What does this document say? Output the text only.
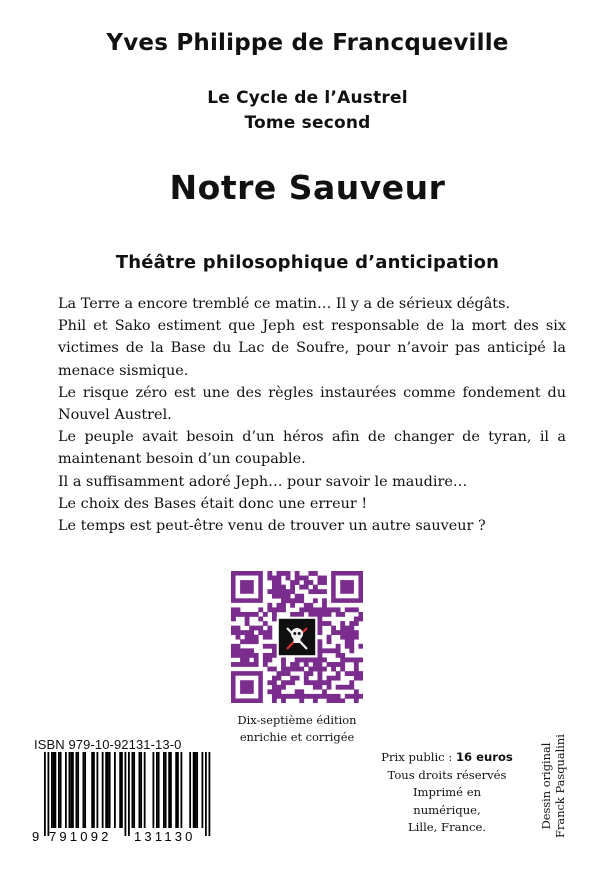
Yves Philippe de Francqueville
Le Cycle de l’Austrel
Tome second
Notre Sauveur
Théâtre philosophique d’anticipation

La Terre a encore tremblé ce matin… Il y a de sérieux dégâts.

Phil et Sako estiment que Jeph est responsable de la mort des six victimes de la Base du Lac de Soufre, pour n’avoir pas anticipé la menace sismique.

Le risque zéro est une des règles instaurées comme fondement du Nouvel Austrel.

Le peuple avait besoin d’un héros afin de changer de tyran, il a maintenant besoin d’un coupable.

Il a suffisamment adoré Jeph… pour savoir le maudire…

Le choix des Bases était donc une erreur !

Le temps est peut-être venu de trouver un autre sauveur ?

Dix-septième édition
enrichie et corrigée
ISBN 979-10-92131-13-0
9 791092 131130
Prix public : 16 euros
Tous droits réservés
Imprimé en numérique,
Lille, France.	Dessin original Franck Pasqualini
